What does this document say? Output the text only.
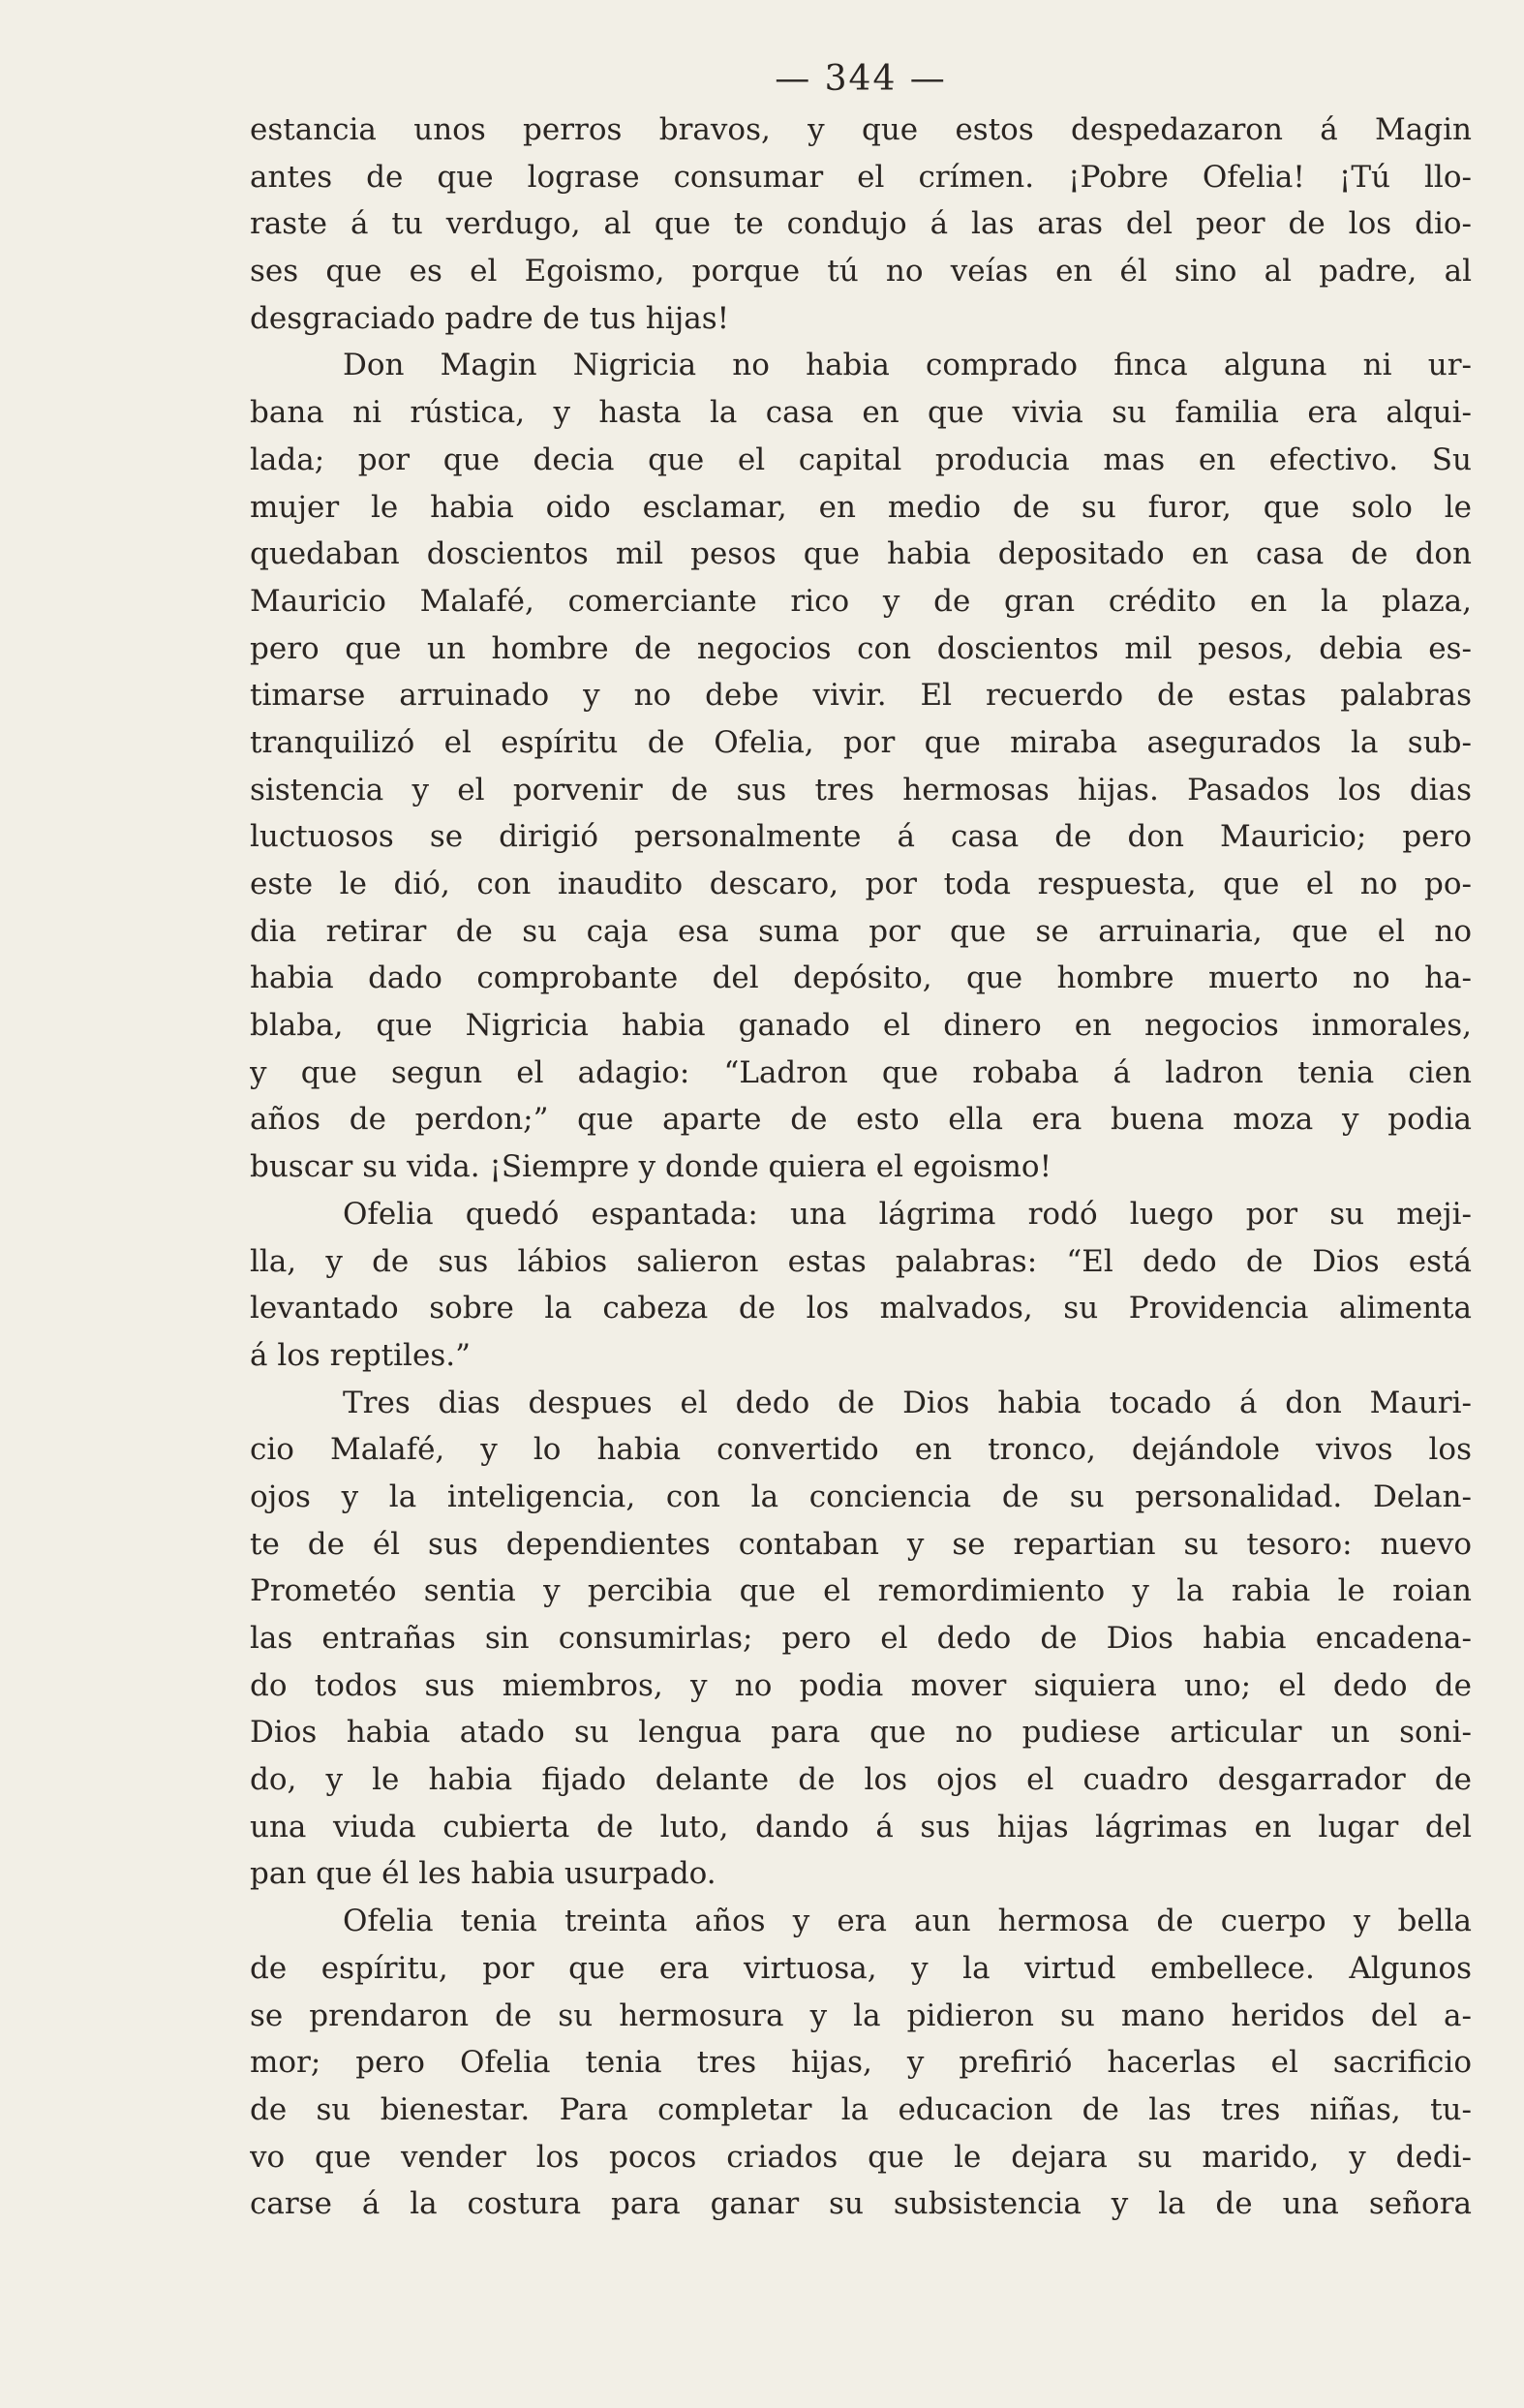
— 344 —
estancia unos perros bravos, y que estos despedazaron á Magin
antes de que lograse consumar el crímen. ¡Pobre Ofelia! ¡Tú llo-
raste á tu verdugo, al que te condujo á las aras del peor de los dio-
ses que es el Egoismo, porque tú no veías en él sino al padre, al
desgraciado padre de tus hijas!
Don Magin Nigricia no habia comprado finca alguna ni ur-
bana ni rústica, y hasta la casa en que vivia su familia era alqui-
lada; por que decia que el capital producia mas en efectivo. Su
mujer le habia oido esclamar, en medio de su furor, que solo le
quedaban doscientos mil pesos que habia depositado en casa de don
Mauricio Malafé, comerciante rico y de gran crédito en la plaza,
pero que un hombre de negocios con doscientos mil pesos, debia es-
timarse arruinado y no debe vivir. El recuerdo de estas palabras
tranquilizó el espíritu de Ofelia, por que miraba asegurados la sub-
sistencia y el porvenir de sus tres hermosas hijas. Pasados los dias
luctuosos se dirigió personalmente á casa de don Mauricio; pero
este le dió, con inaudito descaro, por toda respuesta, que el no po-
dia retirar de su caja esa suma por que se arruinaria, que el no
habia dado comprobante del depósito, que hombre muerto no ha-
blaba, que Nigricia habia ganado el dinero en negocios inmorales,
y que segun el adagio: “Ladron que robaba á ladron tenia cien
años de perdon;” que aparte de esto ella era buena moza y podia
buscar su vida. ¡Siempre y donde quiera el egoismo!
Ofelia quedó espantada: una lágrima rodó luego por su meji-
lla, y de sus lábios salieron estas palabras: “El dedo de Dios está
levantado sobre la cabeza de los malvados, su Providencia alimenta
á los reptiles.”
Tres dias despues el dedo de Dios habia tocado á don Mauri-
cio Malafé, y lo habia convertido en tronco, dejándole vivos los
ojos y la inteligencia, con la conciencia de su personalidad. Delan-
te de él sus dependientes contaban y se repartian su tesoro: nuevo
Prometéo sentia y percibia que el remordimiento y la rabia le roian
las entrañas sin consumirlas; pero el dedo de Dios habia encadena-
do todos sus miembros, y no podia mover siquiera uno; el dedo de
Dios habia atado su lengua para que no pudiese articular un soni-
do, y le habia fijado delante de los ojos el cuadro desgarrador de
una viuda cubierta de luto, dando á sus hijas lágrimas en lugar del
pan que él les habia usurpado.
Ofelia tenia treinta años y era aun hermosa de cuerpo y bella
de espíritu, por que era virtuosa, y la virtud embellece. Algunos
se prendaron de su hermosura y la pidieron su mano heridos del a-
mor; pero Ofelia tenia tres hijas, y prefirió hacerlas el sacrificio
de su bienestar. Para completar la educacion de las tres niñas, tu-
vo que vender los pocos criados que le dejara su marido, y dedi-
carse á la costura para ganar su subsistencia y la de una señora
